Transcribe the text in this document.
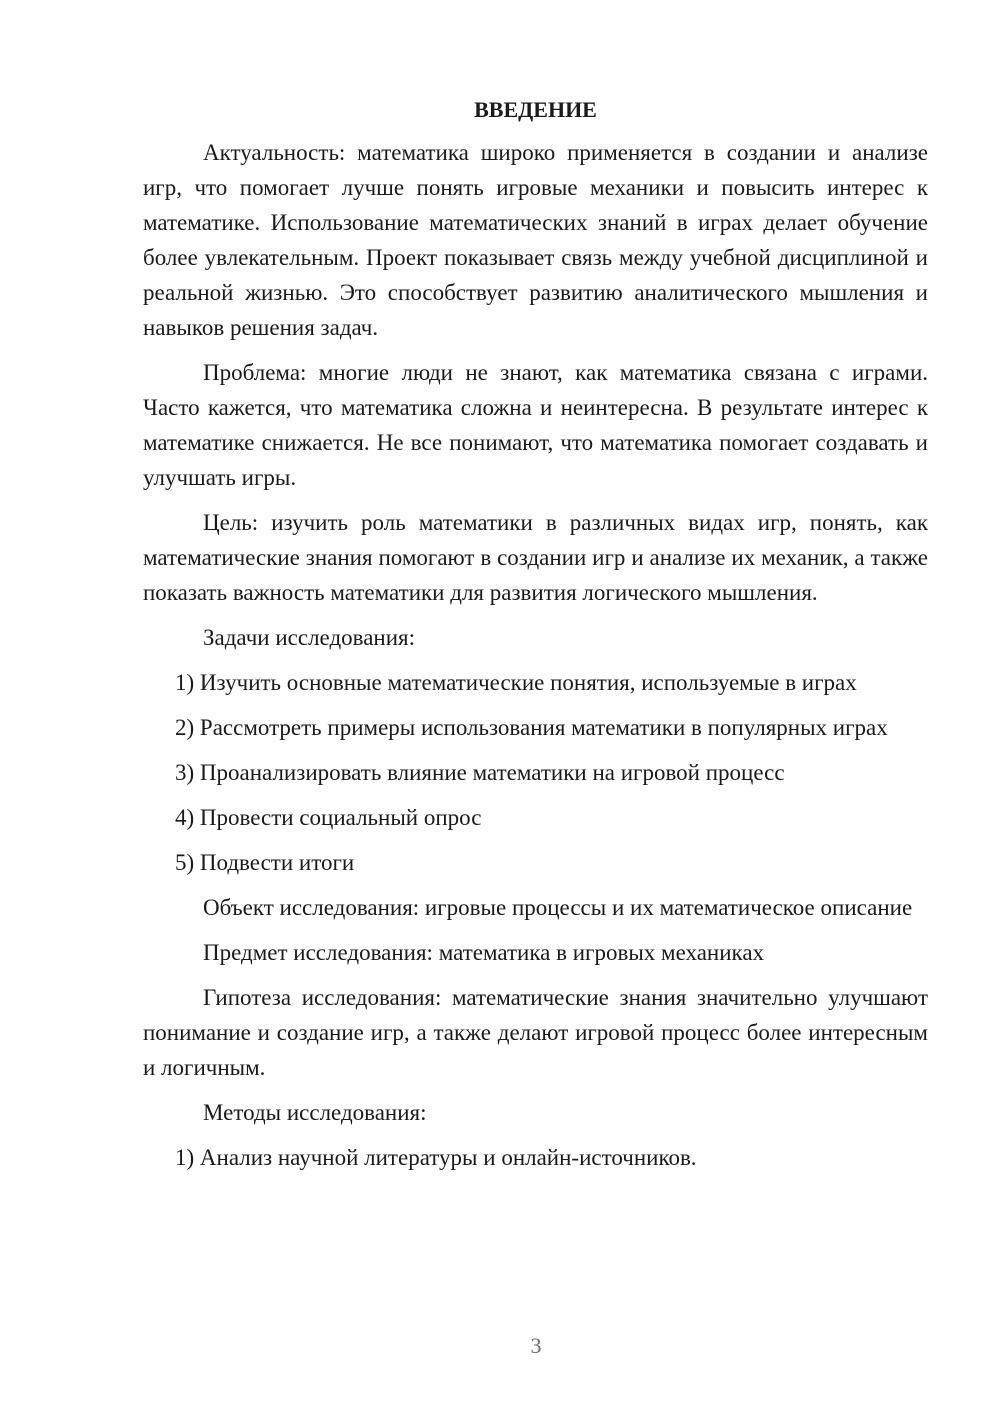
ВВЕДЕНИЕ

Актуальность: математика широко применяется в создании и анализе игр, что помогает лучше понять игровые механики и повысить интерес к математике. Использование математических знаний в играх делает обучение более увлекательным. Проект показывает связь между учебной дисциплиной и реальной жизнью. Это способствует развитию аналитического мышления и навыков решения задач.

Проблема: многие люди не знают, как математика связана с играми. Часто кажется, что математика сложна и неинтересна. В результате интерес к математике снижается. Не все понимают, что математика помогает создавать и улучшать игры.

Цель: изучить роль математики в различных видах игр, понять, как математические знания помогают в создании игр и анализе их механик, а также показать важность математики для развития логического мышления.

Задачи исследования:

1) Изучить основные математические понятия, используемые в играх

2) Рассмотреть примеры использования математики в популярных играх

3) Проанализировать влияние математики на игровой процесс

4) Провести социальный опрос

5) Подвести итоги

Объект исследования: игровые процессы и их математическое описание

Предмет исследования: математика в игровых механиках

Гипотеза исследования: математические знания значительно улучшают понимание и создание игр, а также делают игровой процесс более интересным и логичным.

Методы исследования:

1) Анализ научной литературы и онлайн-источников.

3
